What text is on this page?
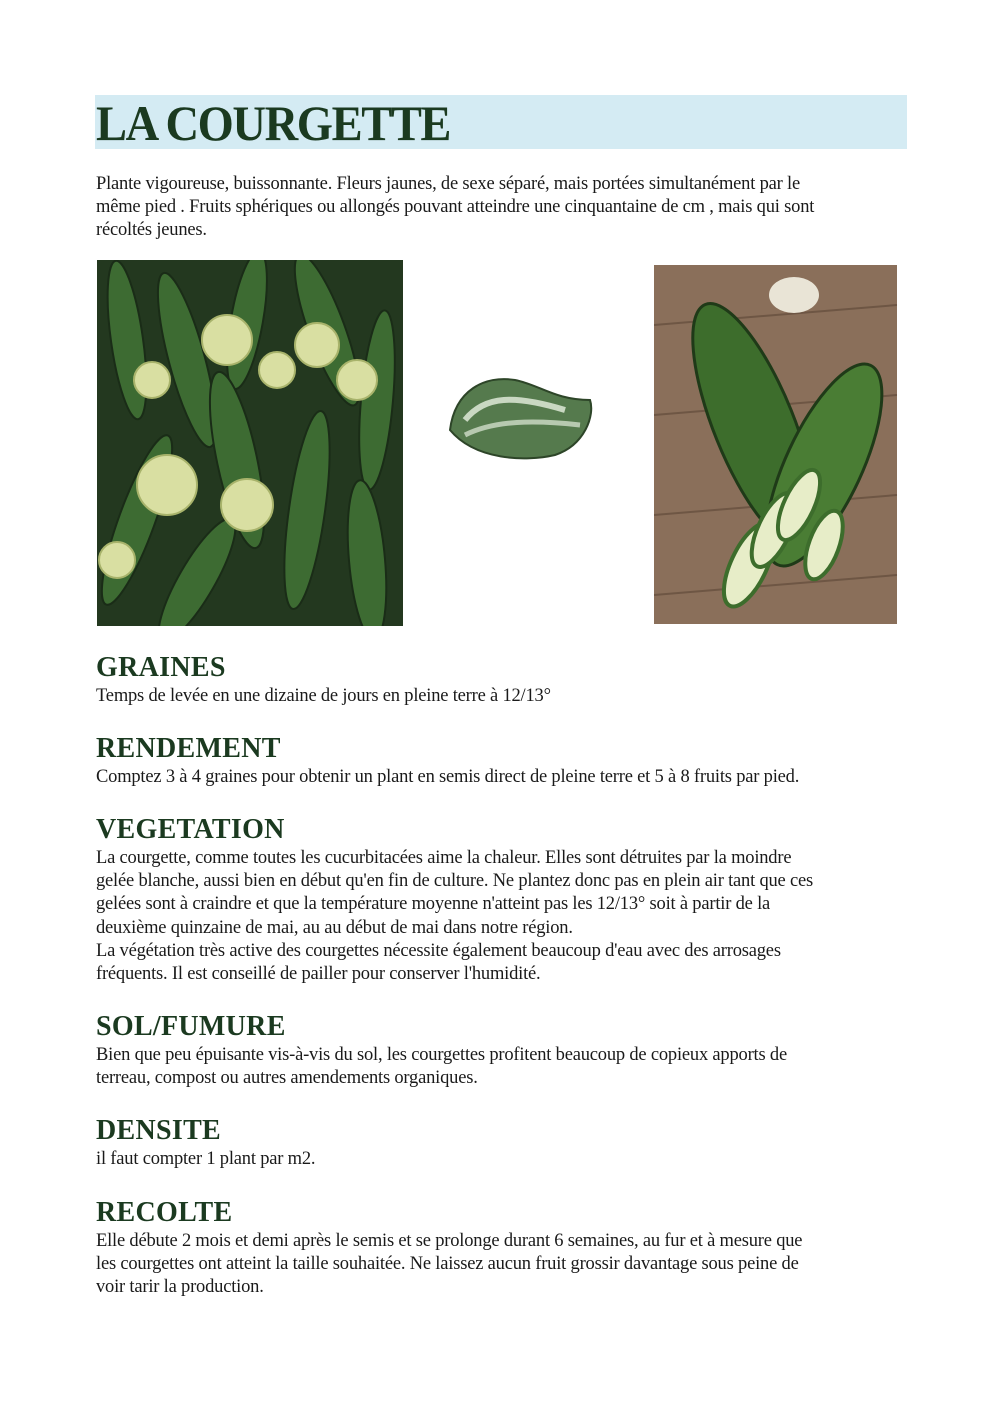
LA COURGETTE
Plante vigoureuse, buissonnante. Fleurs jaunes, de sexe séparé, mais portées simultanément par le
même pied . Fruits sphériques ou allongés pouvant atteindre une cinquantaine de cm , mais qui sont
récoltés jeunes.
GRAINES
Temps de levée en une dizaine de jours en pleine terre à 12/13°
RENDEMENT
Comptez 3 à 4 graines pour obtenir un plant en semis direct de pleine terre et 5 à 8 fruits par pied.
VEGETATION
La courgette, comme toutes les cucurbitacées aime la chaleur. Elles sont détruites par la moindre
gelée blanche, aussi bien en début qu'en fin de culture. Ne plantez donc pas en plein air tant que ces
gelées sont à craindre et que la température moyenne n'atteint pas les 12/13° soit à partir de la
deuxième quinzaine de mai, au au début de mai dans notre région.
La végétation très active des courgettes nécessite également beaucoup d'eau avec des arrosages
fréquents. Il est conseillé de pailler pour conserver l'humidité.
SOL/FUMURE
Bien que peu épuisante vis-à-vis du sol, les courgettes profitent beaucoup de copieux apports de
terreau, compost ou autres amendements organiques.
DENSITE
il faut compter 1 plant par m2.
RECOLTE
Elle débute 2 mois et demi après le semis et se prolonge durant 6 semaines, au fur et à mesure que
les courgettes ont atteint la taille souhaitée. Ne laissez aucun fruit grossir davantage sous peine de
voir tarir la production.
